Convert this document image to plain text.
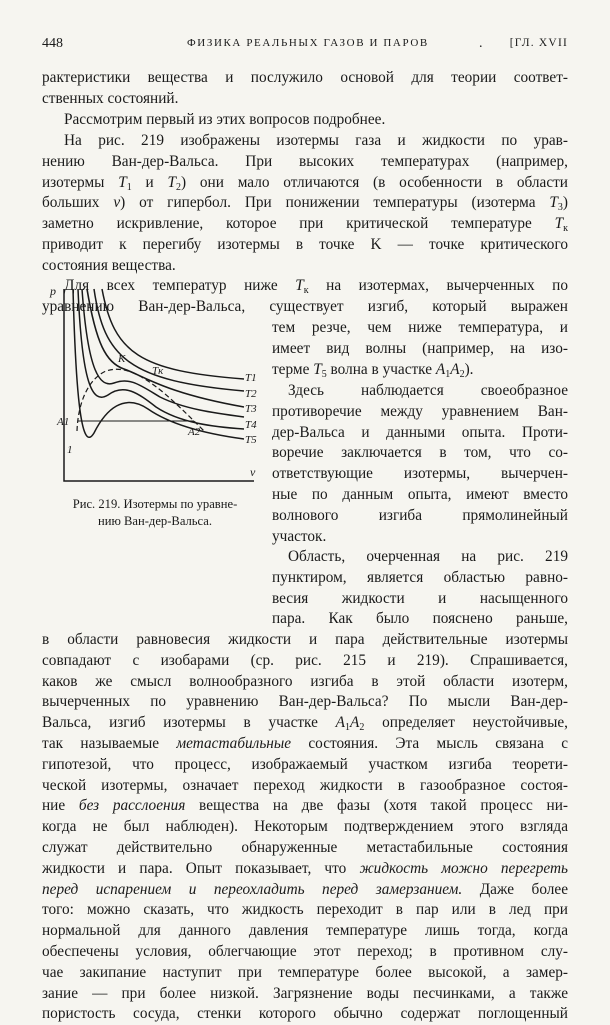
448	ФИЗИКА РЕАЛЬНЫХ ГАЗОВ И ПАРОВ	. [ГЛ. XVII
рактеристики вещества и послужило основой для теории соответ-
ственных состояний.
Рассмотрим первый из этих вопросов подробнее.
На рис. 219 изображены изотермы газа и жидкости по урав-
нению Ван-дер-Вальса. При высоких температурах (например,
изотермы $T_1$ и $T_2$) они мало отличаются (в особенности в области
больших v) от гипербол. При понижении температуры (изотерма $T_3$)
заметно искривление, которое при критической температуре $T_к$
приводит к перегибу изотермы в точке K — точке критического
состояния вещества.
Для всех температур ниже $T_к$ на изотермах, вычерченных по
уравнению Ван-дер-Вальса, существует изгиб, который выражен
тем резче, чем ниже температура, и
имеет вид волны (например, на изо-
терме $T_5$ волна в участке $A_1A_2$).
Здесь наблюдается своеобразное
противоречие между уравнением Ван-
дер-Вальса и данными опыта. Проти-
воречие заключается в том, что со-
ответствующие изотермы, вычерчен-
ные по данным опыта, имеют вместо
волнового изгиба прямолинейный
участок.
Область, очерченная на рис. 219
пунктиром, является областью равно-
весия жидкости и насыщенного
пара. Как было пояснено раньше,
в области равновесия жидкости и пара действительные изотермы
совпадают с изобарами (ср. рис. 215 и 219). Спрашивается,
каков же смысл волнообразного изгиба в этой области изотерм,
вычерченных по уравнению Ван-дер-Вальса? По мысли Ван-дер-
Вальса, изгиб изотермы в участке $A_1A_2$ определяет неустойчивые,
так называемые метастабильные состояния. Эта мысль связана с
гипотезой, что процесс, изображаемый участком изгиба теорети-
ческой изотермы, означает переход жидкости в газообразное состоя-
ние без расслоения вещества на две фазы (хотя такой процесс ни-
когда не был наблюден). Некоторым подтверждением этого взгляда
служат действительно обнаруженные метастабильные состояния
жидкости и пара. Опыт показывает, что жидкость можно перегреть
перед испарением и переохладить перед замерзанием. Даже более
того: можно сказать, что жидкость переходит в пар или в лед при
нормальной для данного давления температуре лишь тогда, когда
обеспечены условия, облегчающие этот переход; в противном слу-
чае закипание наступит при температуре более высокой, а замер-
зание — при более низкой. Загрязнение воды песчинками, а также
пористость сосуда, стенки которого обычно содержат поглощенный
p
v
K
Tк
T1
T2
T3
T4
T5
A1
A2
1
Рис. 219. Изотермы по уравне-
нию Ван-дер-Вальса.
